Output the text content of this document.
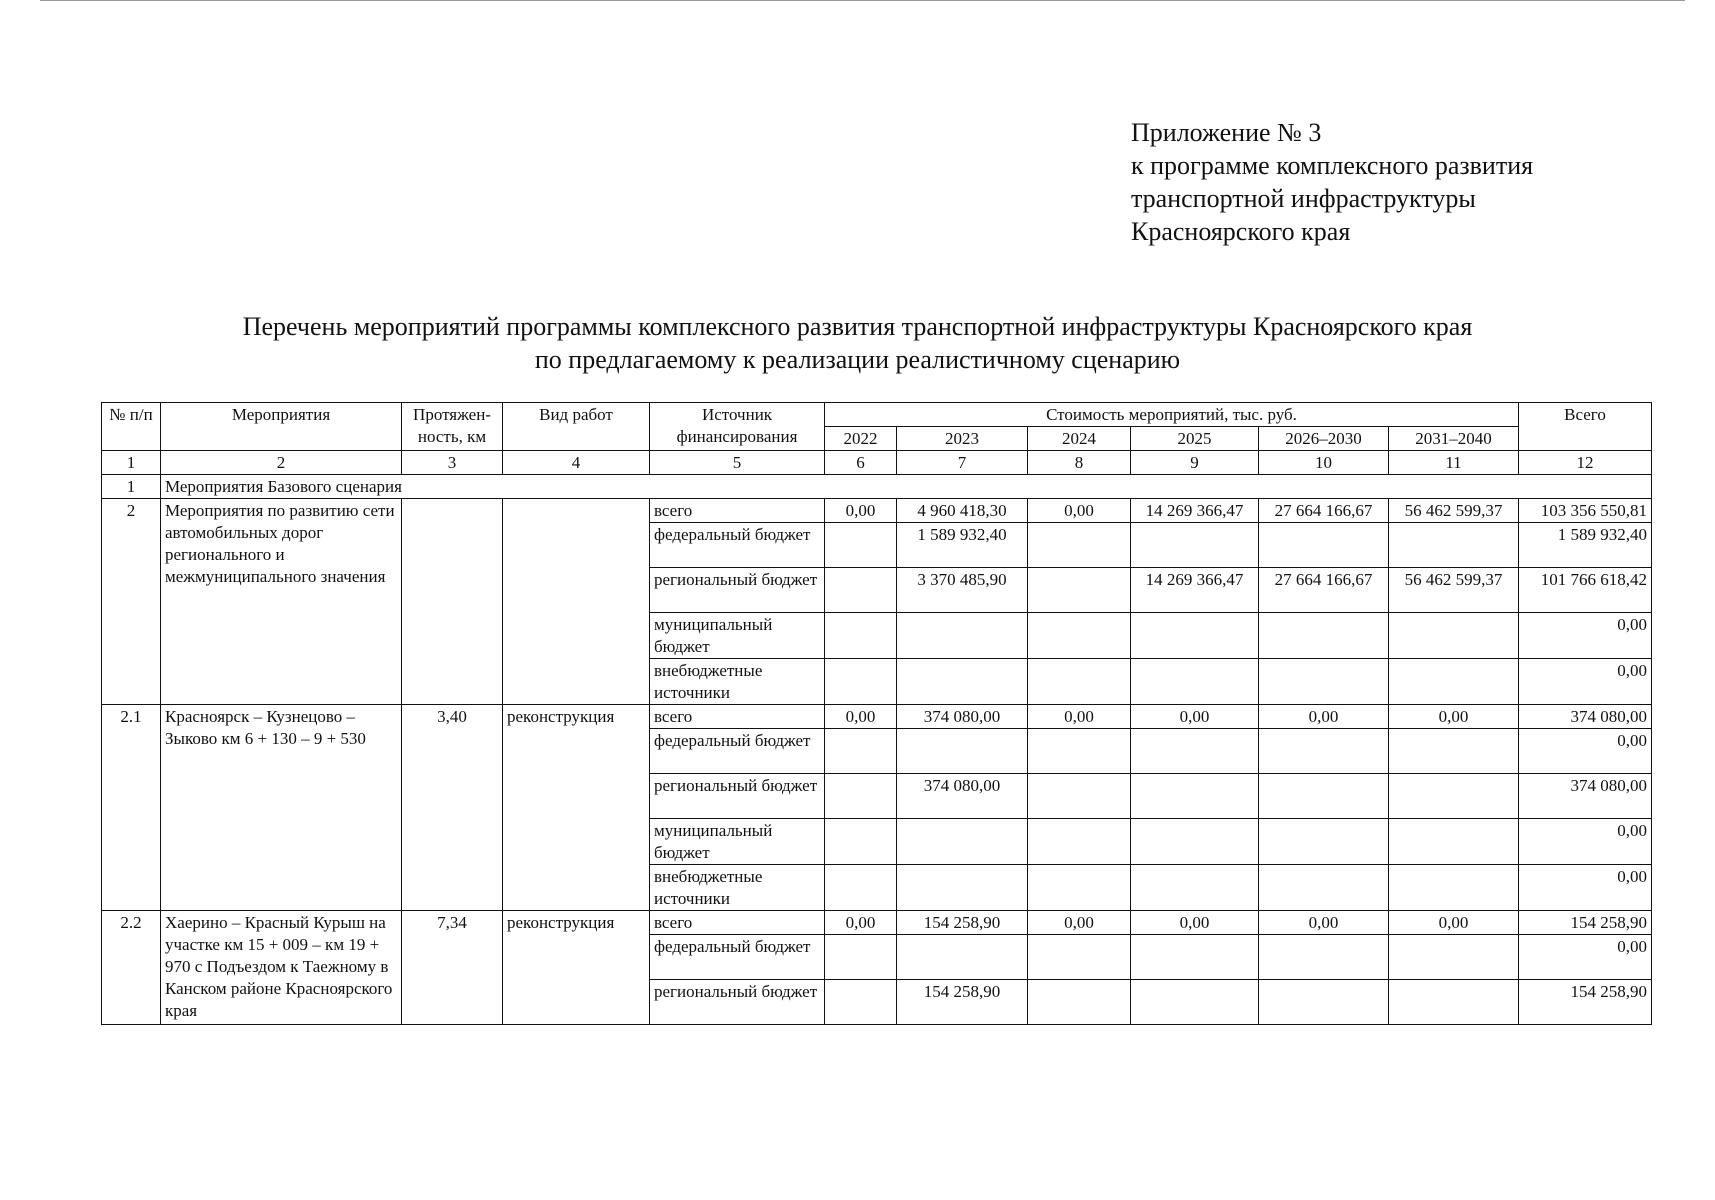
Приложение № 3
к программе комплексного развития
транспортной инфраструктуры
Красноярского края
Перечень мероприятий программы комплексного развития транспортной инфраструктуры Красноярского края
по предлагаемому к реализации реалистичному сценарию
№ п/п	Мероприятия	Протяжен-ность, км	Вид работ	Источник финансирования	Стоимость мероприятий, тыс. руб.						Всего
					2022	2023	2024	2025	2026–2030	2031–2040	
1	2	3	4	5	6	7	8	9	10	11	12
1	Мероприятия Базового сценария										
2	Мероприятия по развитию сети автомобильных дорог регионального и межмуниципального значения			всего	0,00	4 960 418,30	0,00	14 269 366,47	27 664 166,67	56 462 599,37	103 356 550,81
				федеральный бюджет		1 589 932,40					1 589 932,40
				региональный бюджет		3 370 485,90		14 269 366,47	27 664 166,67	56 462 599,37	101 766 618,42
				муниципальный бюджет							0,00
				внебюджетные источники							0,00
2.1	Красноярск – Кузнецово – Зыково км 6 + 130 – 9 + 530	3,40	реконструкция	всего	0,00	374 080,00	0,00	0,00	0,00	0,00	374 080,00
				федеральный бюджет							0,00
				региональный бюджет		374 080,00					374 080,00
				муниципальный бюджет							0,00
				внебюджетные источники							0,00
2.2	Хаерино – Красный Курыш на участке км 15 + 009 – км 19 + 970 с Подъездом к Таежному в Канском районе Красноярского края	7,34	реконструкция	всего	0,00	154 258,90	0,00	0,00	0,00	0,00	154 258,90
				федеральный бюджет							0,00
				региональный бюджет		154 258,90					154 258,90
